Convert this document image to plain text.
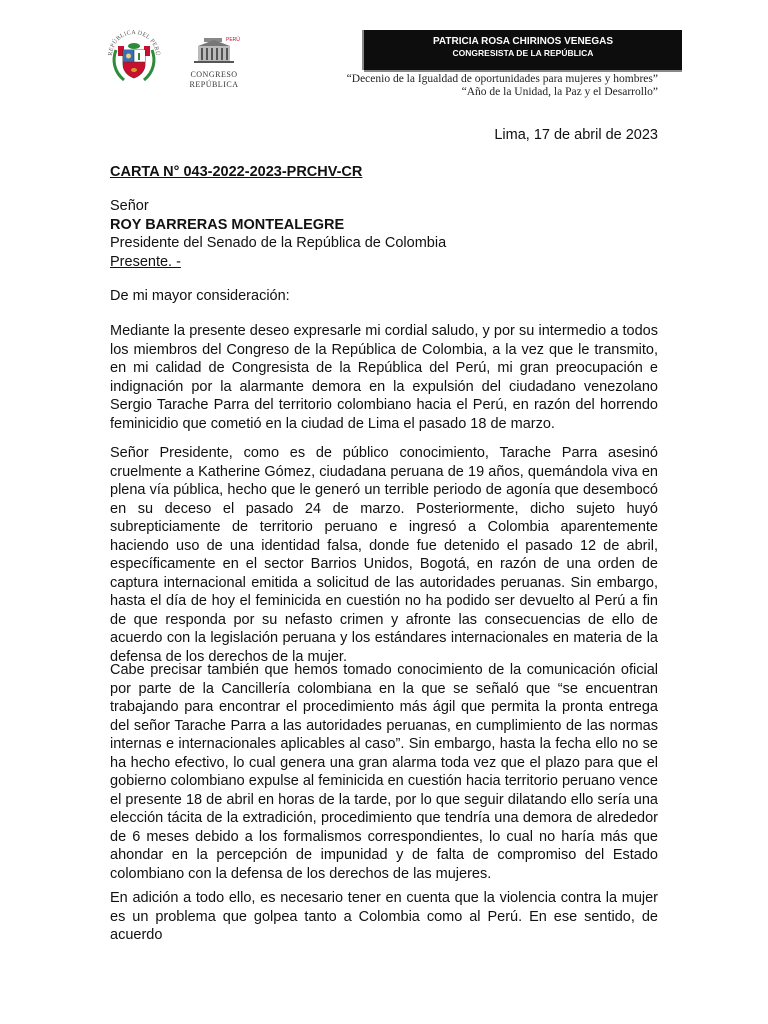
REPÚBLICA DEL PERÚ
PERÚ
CONGRESO
REPÚBLICA
PATRICIA ROSA CHIRINOS VENEGAS
CONGRESISTA DE LA REPÚBLICA
“Decenio de la Igualdad de oportunidades para mujeres y hombres”
“Año de la Unidad, la Paz y el Desarrollo”
Lima, 17 de abril de 2023
CARTA N° 043-2022-2023-PRCHV-CR
Señor
ROY BARRERAS MONTEALEGRE
Presidente del Senado de la República de Colombia
Presente. -
De mi mayor consideración:

Mediante la presente deseo expresarle mi cordial saludo, y por su intermedio a todos los miembros del Congreso de la República de Colombia, a la vez que le transmito, en mi calidad de Congresista de la República del Perú, mi gran preocupación e indignación por la alarmante demora en la expulsión del ciudadano venezolano Sergio Tarache Parra del territorio colombiano hacia el Perú, en razón del horrendo feminicidio que cometió en la ciudad de Lima el pasado 18 de marzo.

Señor Presidente, como es de público conocimiento, Tarache Parra asesinó cruelmente a Katherine Gómez, ciudadana peruana de 19 años, quemándola viva en plena vía pública, hecho que le generó un terrible periodo de agonía que desembocó en su deceso el pasado 24 de marzo. Posteriormente, dicho sujeto huyó subrepticiamente de territorio peruano e ingresó a Colombia aparentemente haciendo uso de una identidad falsa, donde fue detenido el pasado 12 de abril, específicamente en el sector Barrios Unidos, Bogotá, en razón de una orden de captura internacional emitida a solicitud de las autoridades peruanas. Sin embargo, hasta el día de hoy el feminicida en cuestión no ha podido ser devuelto al Perú a fin de que responda por su nefasto crimen y afronte las consecuencias de ello de acuerdo con la legislación peruana y los estándares internacionales en materia de la defensa de los derechos de la mujer.

Cabe precisar también que hemos tomado conocimiento de la comunicación oficial por parte de la Cancillería colombiana en la que se señaló que “se encuentran trabajando para encontrar el procedimiento más ágil que permita la pronta entrega del señor Tarache Parra a las autoridades peruanas, en cumplimiento de las normas internas e internacionales aplicables al caso”. Sin embargo, hasta la fecha ello no se ha hecho efectivo, lo cual genera una gran alarma toda vez que el plazo para que el gobierno colombiano expulse al feminicida en cuestión hacia territorio peruano vence el presente 18 de abril en horas de la tarde, por lo que seguir dilatando ello sería una elección tácita de la extradición, procedimiento que tendría una demora de alrededor de 6 meses debido a los formalismos correspondientes, lo cual no haría más que ahondar en la percepción de impunidad y de falta de compromiso del Estado colombiano con la defensa de los derechos de las mujeres.

En adición a todo ello, es necesario tener en cuenta que la violencia contra la mujer es un problema que golpea tanto a Colombia como al Perú. En ese sentido, de acuerdo
